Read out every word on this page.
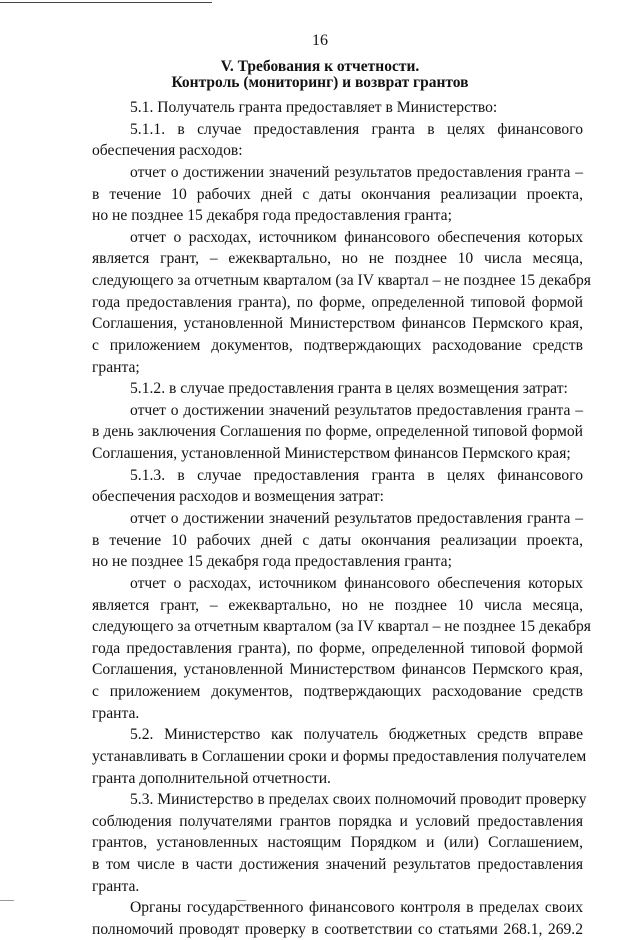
16
V. Требования к отчетности.
Контроль (мониторинг) и возврат грантов
5.1. Получатель гранта предоставляет в Министерство:
5.1.1. в случае предоставления гранта в целях финансового
обеспечения расходов:
отчет о достижении значений результатов предоставления гранта –
в течение 10 рабочих дней с даты окончания реализации проекта,
но не позднее 15 декабря года предоставления гранта;
отчет о расходах, источником финансового обеспечения которых
является грант, – ежеквартально, но не позднее 10 числа месяца,
следующего за отчетным кварталом (за IV квартал – не позднее 15 декабря
года предоставления гранта), по форме, определенной типовой формой
Соглашения, установленной Министерством финансов Пермского края,
с приложением документов, подтверждающих расходование средств
гранта;
5.1.2. в случае предоставления гранта в целях возмещения затрат:
отчет о достижении значений результатов предоставления гранта –
в день заключения Соглашения по форме, определенной типовой формой
Соглашения, установленной Министерством финансов Пермского края;
5.1.3. в случае предоставления гранта в целях финансового
обеспечения расходов и возмещения затрат:
отчет о достижении значений результатов предоставления гранта –
в течение 10 рабочих дней с даты окончания реализации проекта,
но не позднее 15 декабря года предоставления гранта;
отчет о расходах, источником финансового обеспечения которых
является грант, – ежеквартально, но не позднее 10 числа месяца,
следующего за отчетным кварталом (за IV квартал – не позднее 15 декабря
года предоставления гранта), по форме, определенной типовой формой
Соглашения, установленной Министерством финансов Пермского края,
с приложением документов, подтверждающих расходование средств
гранта.
5.2. Министерство как получатель бюджетных средств вправе
устанавливать в Соглашении сроки и формы предоставления получателем
гранта дополнительной отчетности.
5.3. Министерство в пределах своих полномочий проводит проверку
соблюдения получателями грантов порядка и условий предоставления
грантов, установленных настоящим Порядком и (или) Соглашением,
в том числе в части достижения значений результатов предоставления
гранта.
Органы государственного финансового контроля в пределах своих
полномочий проводят проверку в соответствии со статьями 268.1, 269.2
